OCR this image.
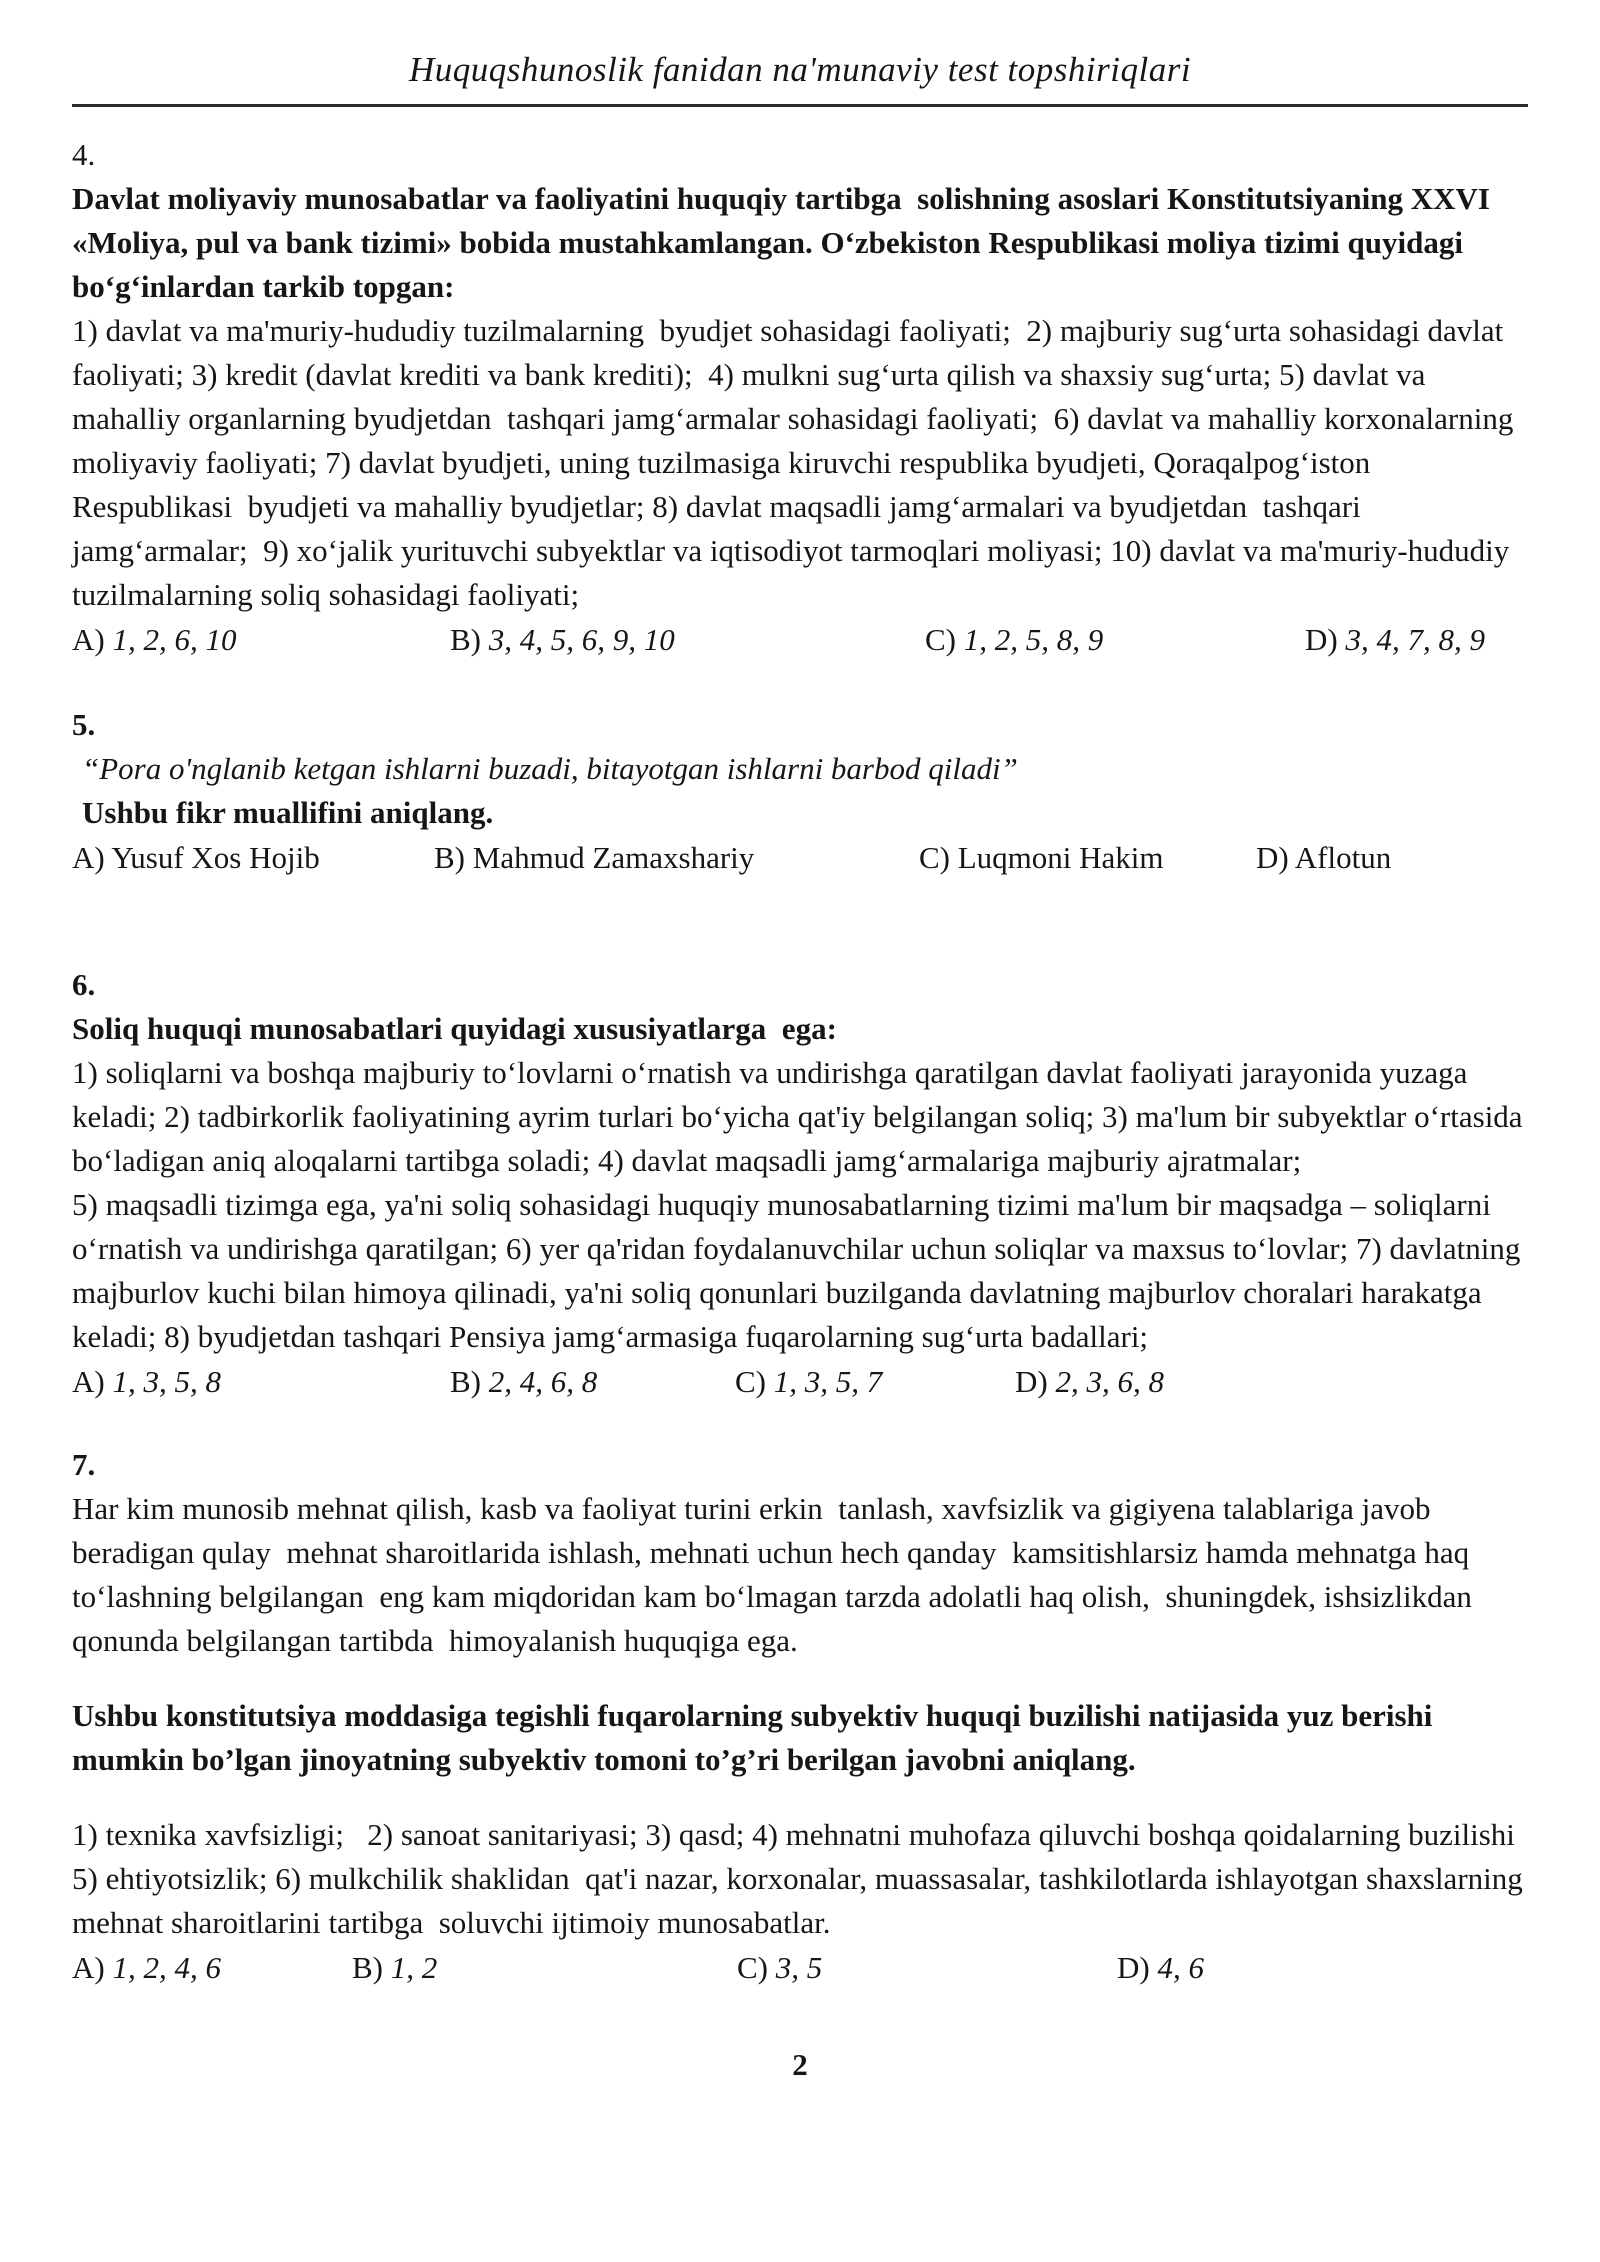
Huquqshunoslik fanidan na'munaviy test topshiriqlari
4.

Davlat moliyaviy munosabatlar va faoliyatini huquqiy tartibga  solishning asoslari Konstitutsiyaning XXVI «Moliya, pul va bank tizimi» bobida mustahkamlangan. Oʻzbekiston Respublikasi moliya tizimi quyidagi boʻgʻinlardan tarkib topgan:

1) davlat va ma'muriy-hududiy tuzilmalarning  byudjet sohasidagi faoliyati;  2) majburiy sugʻurta sohasidagi davlat faoliyati; 3) kredit (davlat krediti va bank krediti);  4) mulkni sugʻurta qilish va shaxsiy sugʻurta; 5) davlat va mahalliy organlarning byudjetdan  tashqari jamgʻarmalar sohasidagi faoliyati;  6) davlat va mahalliy korxonalarning moliyaviy faoliyati; 7) davlat byudjeti, uning tuzilmasiga kiruvchi respublika byudjeti, Qoraqalpogʻiston Respublikasi  byudjeti va mahalliy byudjetlar; 8) davlat maqsadli jamgʻarmalari va byudjetdan  tashqari jamgʻarmalar;  9) xoʻjalik yurituvchi subyektlar va iqtisodiyot tarmoqlari moliyasi; 10) davlat va ma'muriy-hududiy tuzilmalarning soliq sohasidagi faoliyati;

A) 1, 2, 6, 10	B) 3, 4, 5, 6, 9, 10	C) 1, 2, 5, 8, 9	D) 3, 4, 7, 8, 9
5.
“Pora o'nglanib ketgan ishlarni buzadi, bitayotgan ishlarni barbod qiladi”
Ushbu fikr muallifini aniqlang.
A) Yusuf Xos Hojib	B) Mahmud Zamaxshariy	C) Luqmoni Hakim	D) Aflotun
6.

Soliq huquqi munosabatlari quyidagi xususiyatlarga  ega:

1) soliqlarni va boshqa majburiy toʻlovlarni oʻrnatish va undirishga qaratilgan davlat faoliyati jarayonida yuzaga keladi; 2) tadbirkorlik faoliyatining ayrim turlari boʻyicha qat'iy belgilangan soliq; 3) ma'lum bir subyektlar oʻrtasida boʻladigan aniq aloqalarni tartibga soladi; 4) davlat maqsadli jamgʻarmalariga majburiy ajratmalar;

5) maqsadli tizimga ega, ya'ni soliq sohasidagi huquqiy munosabatlarning tizimi ma'lum bir maqsadga – soliqlarni oʻrnatish va undirishga qaratilgan; 6) yer qa'ridan foydalanuvchilar uchun soliqlar va maxsus toʻlovlar; 7) davlatning majburlov kuchi bilan himoya qilinadi, ya'ni soliq qonunlari buzilganda davlatning majburlov choralari harakatga keladi; 8) byudjetdan tashqari Pensiya jamgʻarmasiga fuqarolarning sugʻurta badallari;

A) 1, 3, 5, 8	B) 2, 4, 6, 8	C) 1, 3, 5, 7	D) 2, 3, 6, 8
7.

Har kim munosib mehnat qilish, kasb va faoliyat turini erkin  tanlash, xavfsizlik va gigiyena talablariga javob beradigan qulay  mehnat sharoitlarida ishlash, mehnati uchun hech qanday  kamsitishlarsiz hamda mehnatga haq toʻlashning belgilangan  eng kam miqdoridan kam boʻlmagan tarzda adolatli haq olish,  shuningdek, ishsizlikdan qonunda belgilangan tartibda  himoyalanish huquqiga ega.

Ushbu konstitutsiya moddasiga tegishli fuqarolarning subyektiv huquqi buzilishi natijasida yuz berishi mumkin bo’lgan jinoyatning subyektiv tomoni to’g’ri berilgan javobni aniqlang.

1) texnika xavfsizligi;   2) sanoat sanitariyasi; 3) qasd; 4) mehnatni muhofaza qiluvchi boshqa qoidalarning buzilishi 5) ehtiyotsizlik; 6) mulkchilik shaklidan  qat'i nazar, korxonalar, muassasalar, tashkilotlarda ishlayotgan shaxslarning mehnat sharoitlarini tartibga  soluvchi ijtimoiy munosabatlar.

A) 1, 2, 4, 6	B) 1, 2	C) 3, 5	D) 4, 6
2
